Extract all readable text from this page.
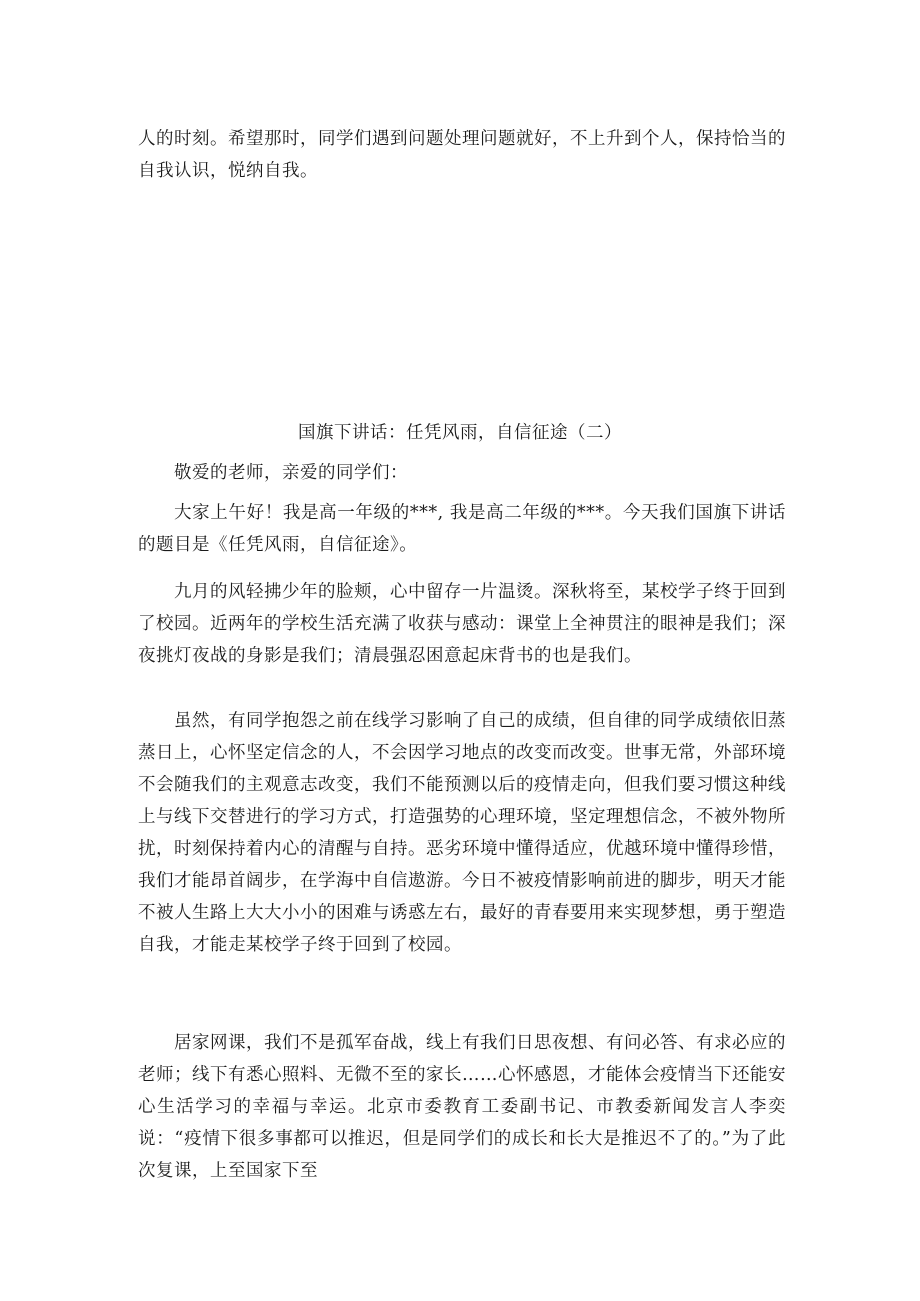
人的时刻。希望那时，同学们遇到问题处理问题就好，不上升到个人，保持恰当的自我认识，悦纳自我。

国旗下讲话：任凭风雨，自信征途（二）

敬爱的老师，亲爱的同学们：

大家上午好！我是高一年级的***, 我是高二年级的***。今天我们国旗下讲话的题目是《任凭风雨，自信征途》。

九月的风轻拂少年的脸颊，心中留存一片温烫。深秋将至，某校学子终于回到了校园。近两年的学校生活充满了收获与感动：课堂上全神贯注的眼神是我们；深夜挑灯夜战的身影是我们；清晨强忍困意起床背书的也是我们。

虽然，有同学抱怨之前在线学习影响了自己的成绩，但自律的同学成绩依旧蒸蒸日上，心怀坚定信念的人，不会因学习地点的改变而改变。世事无常，外部环境不会随我们的主观意志改变，我们不能预测以后的疫情走向，但我们要习惯这种线上与线下交替进行的学习方式，打造强势的心理环境，坚定理想信念，不被外物所扰，时刻保持着内心的清醒与自持。恶劣环境中懂得适应，优越环境中懂得珍惜，我们才能昂首阔步，在学海中自信遨游。今日不被疫情影响前进的脚步，明天才能不被人生路上大大小小的困难与诱惑左右，最好的青春要用来实现梦想，勇于塑造自我，才能走某校学子终于回到了校园。

居家网课，我们不是孤军奋战，线上有我们日思夜想、有问必答、有求必应的老师；线下有悉心照料、无微不至的家长……心怀感恩，才能体会疫情当下还能安心生活学习的幸福与幸运。北京市委教育工委副书记、市教委新闻发言人李奕说：“疫情下很多事都可以推迟，但是同学们的成长和长大是推迟不了的。”为了此次复课，上至国家下至
